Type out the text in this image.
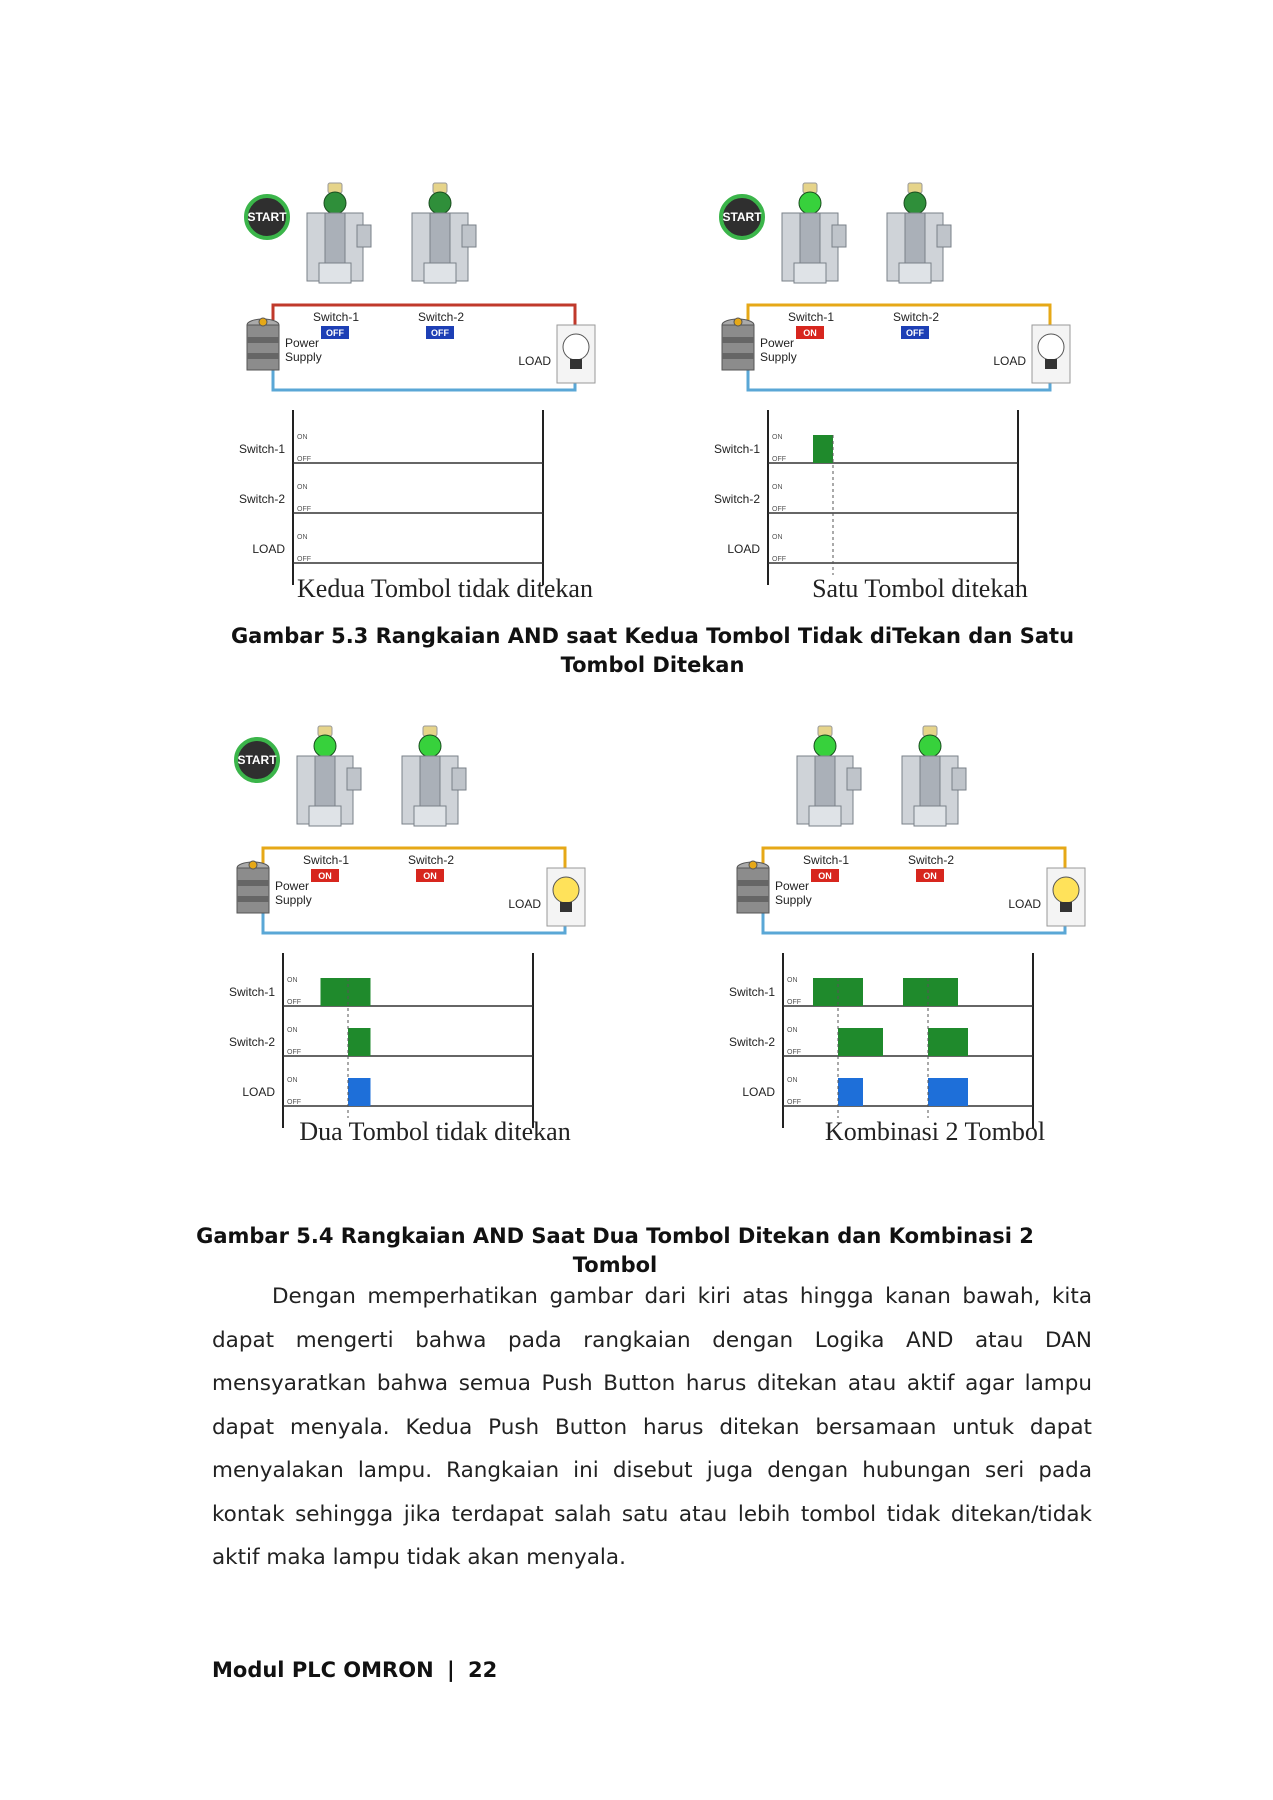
START
Switch-1	Switch-2
OFF	OFF
Power
Supply	LOAD
Switch-1
ON
OFF
Switch-2
ON
OFF
LOAD
ON
OFF
Kedua Tombol tidak ditekan
START
Switch-1	Switch-2
ON	OFF
Power
Supply	LOAD
Switch-1
ON
OFF
Switch-2
ON
OFF
LOAD
ON
OFF
Satu Tombol ditekan
Gambar 5.3 Rangkaian AND saat Kedua Tombol Tidak diTekan dan Satu Tombol Ditekan
START
Switch-1	Switch-2
ON	ON
Power
Supply	LOAD
Switch-1
ON
OFF
Switch-2
ON
OFF
LOAD
ON
OFF
Dua Tombol tidak ditekan
Switch-1	Switch-2
ON	ON
Power
Supply	LOAD
Switch-1
ON
OFF
Switch-2
ON
OFF
LOAD
ON
OFF
Kombinasi 2 Tombol
Gambar 5.4 Rangkaian AND Saat Dua Tombol Ditekan dan Kombinasi 2 Tombol

Dengan memperhatikan gambar dari kiri atas hingga kanan bawah, kita dapat mengerti bahwa pada rangkaian dengan Logika AND atau DAN mensyaratkan bahwa semua Push Button harus ditekan atau aktif agar lampu dapat menyala. Kedua Push Button harus ditekan bersamaan untuk dapat menyalakan lampu. Rangkaian ini disebut juga dengan hubungan seri pada kontak sehingga jika terdapat salah satu atau lebih tombol tidak ditekan/tidak aktif maka lampu tidak akan menyala.

Modul PLC OMRON | 22
